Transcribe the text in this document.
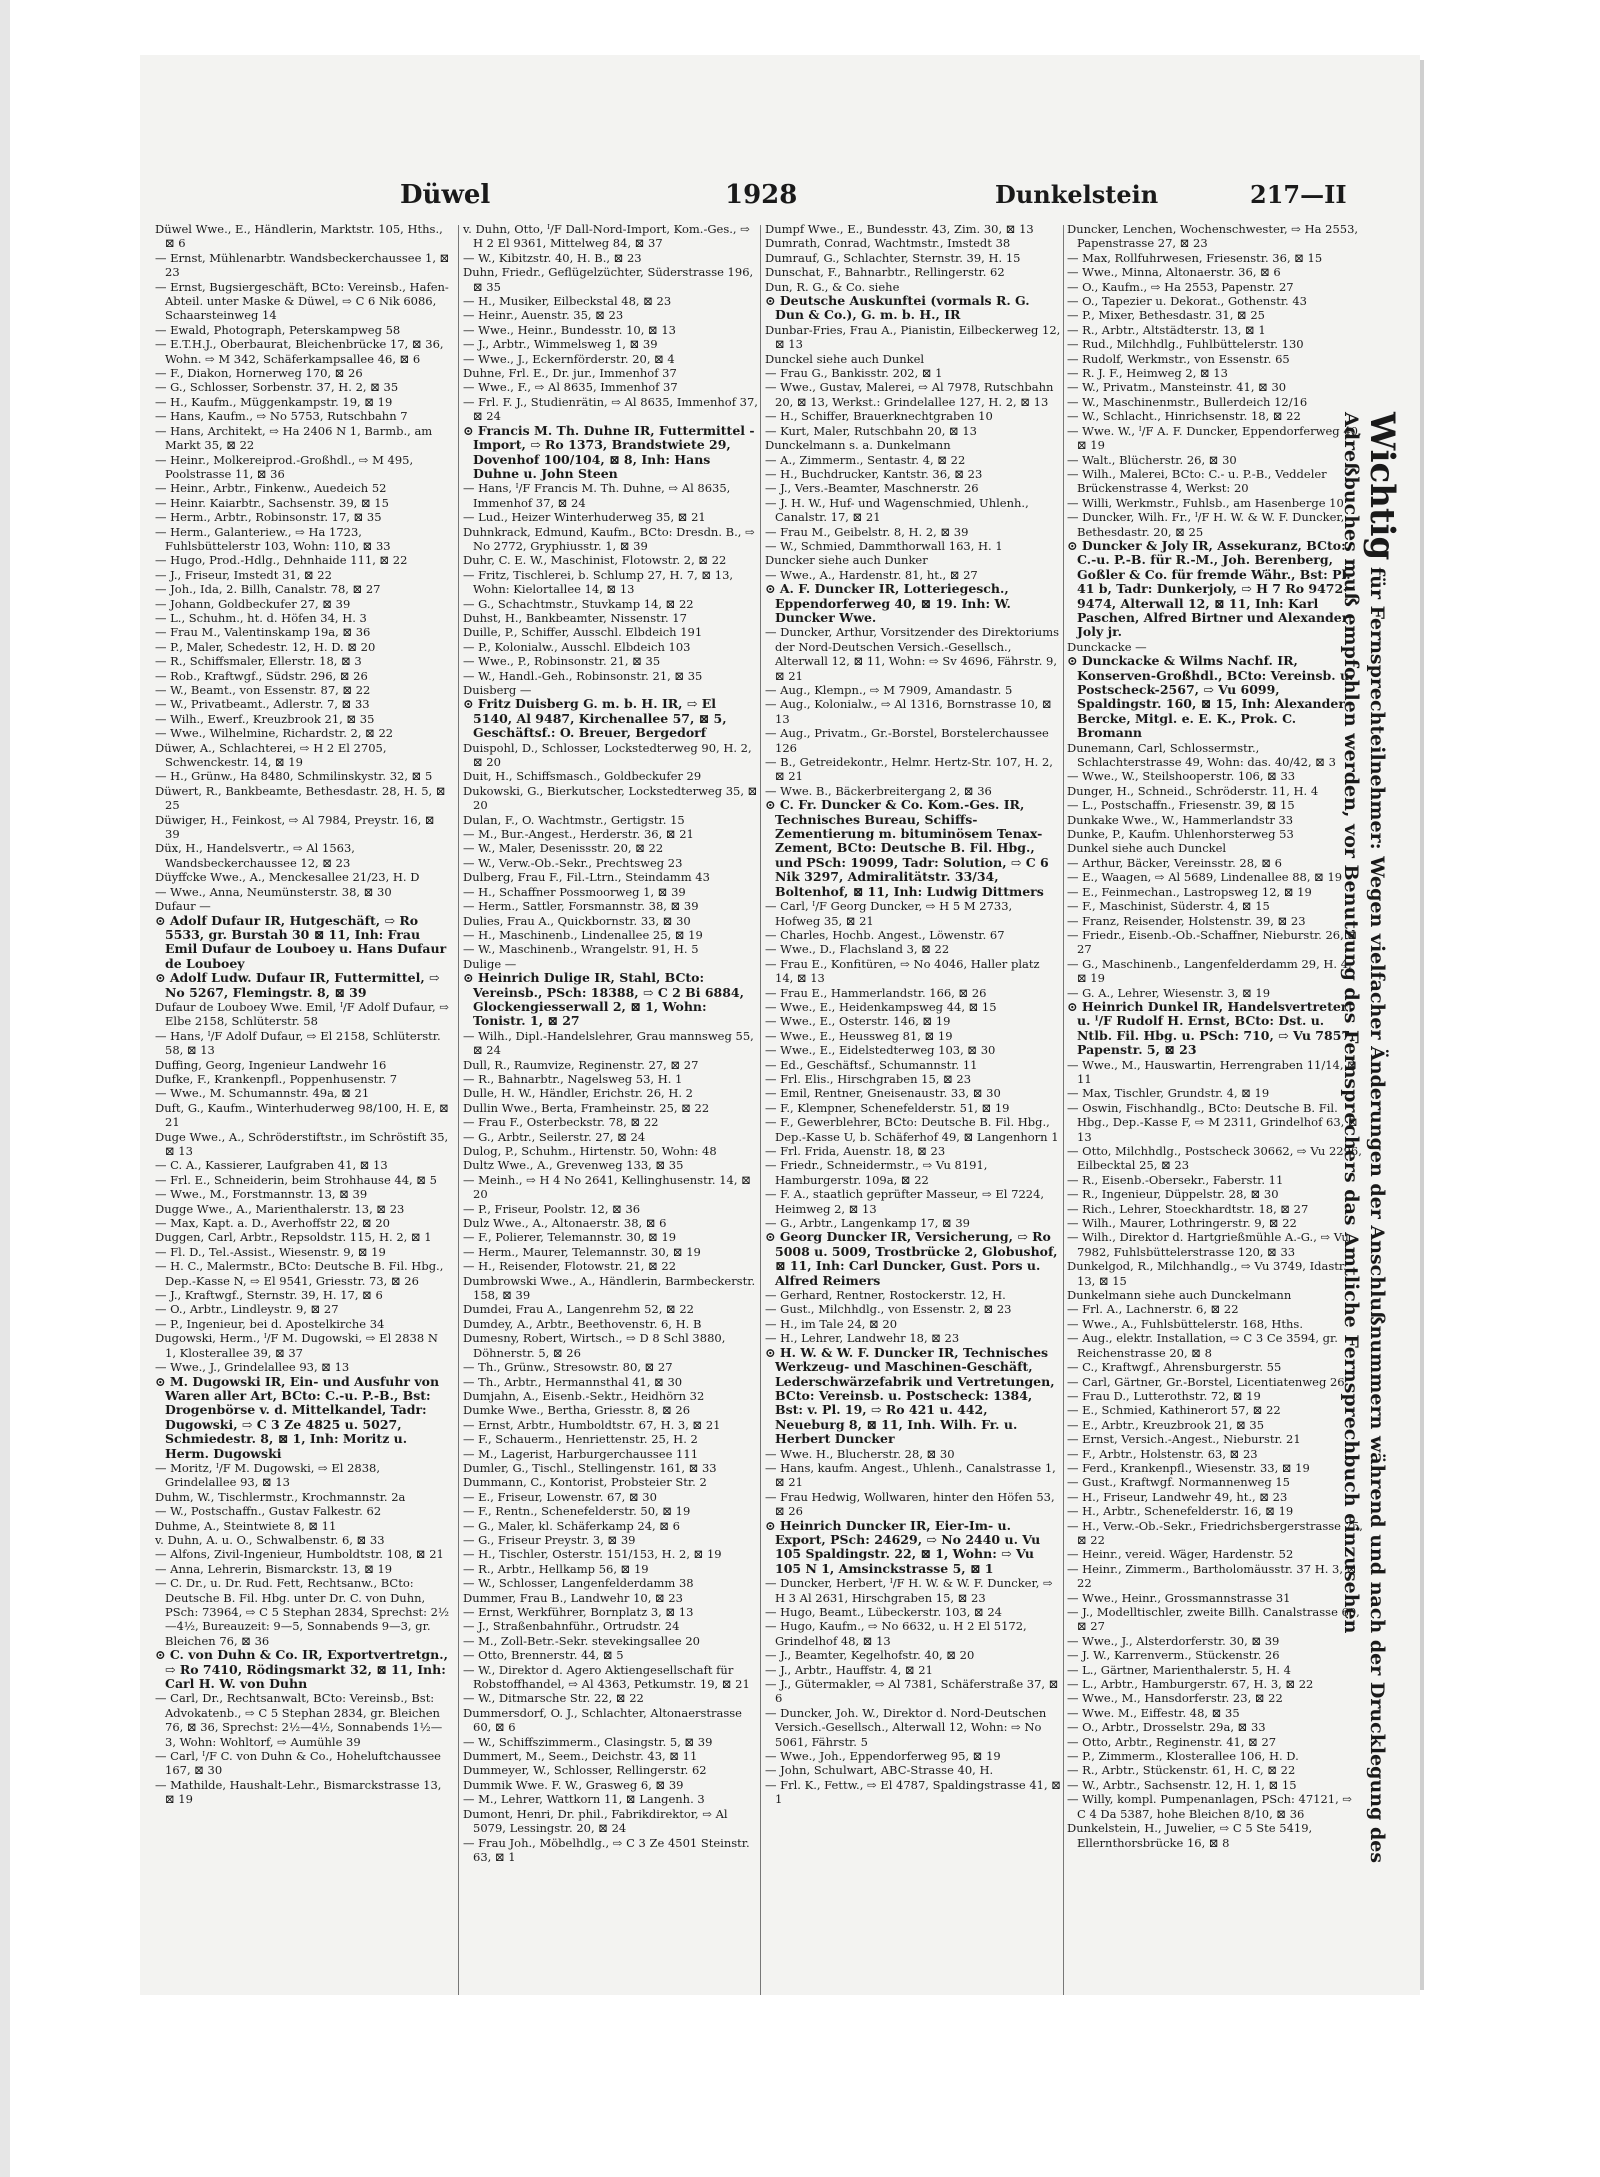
Düwel	1928	Dunkelstein	217—II

Düwel Wwe., E., Händlerin, Marktstr. 105, Hths., ⊠ 6

— Ernst, Mühlenarbtr. Wandsbeckerchaussee 1, ⊠ 23

— Ernst, Bugsiergeschäft, BCto: Vereinsb., Hafen-Abteil. unter Maske & Düwel, ⇨ C 6 Nik 6086, Schaarsteinweg 14

— Ewald, Photograph, Peterskampweg 58

— E.T.H.J., Oberbaurat, Bleichenbrücke 17, ⊠ 36, Wohn. ⇨ M 342, Schäferkampsallee 46, ⊠ 6

— F., Diakon, Hornerweg 170, ⊠ 26

— G., Schlosser, Sorbenstr. 37, H. 2, ⊠ 35

— H., Kaufm., Müggenkampstr. 19, ⊠ 19

— Hans, Kaufm., ⇨ No 5753, Rutschbahn 7

— Hans, Architekt, ⇨ Ha 2406 N 1, Barmb., am Markt 35, ⊠ 22

— Heinr., Molkereiprod.-Großhdl., ⇨ M 495, Poolstrasse 11, ⊠ 36

— Heinr., Arbtr., Finkenw., Auedeich 52

— Heinr. Kaiarbtr., Sachsenstr. 39, ⊠ 15

— Herm., Arbtr., Robinsonstr. 17, ⊠ 35

— Herm., Galanteriew., ⇨ Ha 1723, Fuhlsbüttelerstr 103, Wohn: 110, ⊠ 33

— Hugo, Prod.-Hdlg., Dehnhaide 111, ⊠ 22

— J., Friseur, Imstedt 31, ⊠ 22

— Joh., Ida, 2. Billh, Canalstr. 78, ⊠ 27

— Johann, Goldbeckufer 27, ⊠ 39

— L., Schuhm., ht. d. Höfen 34, H. 3

— Frau M., Valentinskamp 19a, ⊠ 36

— P., Maler, Schedestr. 12, H. D. ⊠ 20

— R., Schiffsmaler, Ellerstr. 18, ⊠ 3

— Rob., Kraftwgf., Südstr. 296, ⊠ 26

— W., Beamt., von Essenstr. 87, ⊠ 22

— W., Privatbeamt., Adlerstr. 7, ⊠ 33

— Wilh., Ewerf., Kreuzbrook 21, ⊠ 35

— Wwe., Wilhelmine, Richardstr. 2, ⊠ 22

Düwer, A., Schlachterei, ⇨ H 2 El 2705, Schwenckestr. 14, ⊠ 19

— H., Grünw., Ha 8480, Schmilinskystr. 32, ⊠ 5

Düwert, R., Bankbeamte, Bethesdastr. 28, H. 5, ⊠ 25

Düwiger, H., Feinkost, ⇨ Al 7984, Preystr. 16, ⊠ 39

Düx, H., Handelsvertr., ⇨ Al 1563, Wandsbeckerchaussee 12, ⊠ 23

Düyffcke Wwe., A., Menckesallee 21/23, H. D

— Wwe., Anna, Neumünsterstr. 38, ⊠ 30

Dufaur —

⊙ Adolf Dufaur IR, Hutgeschäft, ⇨ Ro 5533, gr. Burstah 30 ⊠ 11, Inh: Frau Emil Dufaur de Louboey u. Hans Dufaur de Louboey

⊙ Adolf Ludw. Dufaur IR, Futtermittel, ⇨ No 5267, Flemingstr. 8, ⊠ 39

Dufaur de Louboey Wwe. Emil, ᴵ/F Adolf Dufaur, ⇨ Elbe 2158, Schlüterstr. 58

— Hans, ᴵ/F Adolf Dufaur, ⇨ El 2158, Schlüterstr. 58, ⊠ 13

Duffing, Georg, Ingenieur Landwehr 16

Dufke, F., Krankenpfl., Poppenhusenstr. 7

— Wwe., M. Schumannstr. 49a, ⊠ 21

Duft, G., Kaufm., Winterhuderweg 98/100, H. E, ⊠ 21

Duge Wwe., A., Schröderstiftstr., im Schröstift 35, ⊠ 13

— C. A., Kassierer, Laufgraben 41, ⊠ 13

— Frl. E., Schneiderin, beim Strohhause 44, ⊠ 5

— Wwe., M., Forstmannstr. 13, ⊠ 39

Dugge Wwe., A., Marienthalerstr. 13, ⊠ 23

— Max, Kapt. a. D., Averhoffstr 22, ⊠ 20

Duggen, Carl, Arbtr., Repsoldstr. 115, H. 2, ⊠ 1

— Fl. D., Tel.-Assist., Wiesenstr. 9, ⊠ 19

— H. C., Malermstr., BCto: Deutsche B. Fil. Hbg., Dep.-Kasse N, ⇨ El 9541, Griesstr. 73, ⊠ 26

— J., Kraftwgf., Sternstr. 39, H. 17, ⊠ 6

— O., Arbtr., Lindleystr. 9, ⊠ 27

— P., Ingenieur, bei d. Apostelkirche 34

Dugowski, Herm., ᴵ/F M. Dugowski, ⇨ El 2838 N 1, Klosterallee 39, ⊠ 37

— Wwe., J., Grindelallee 93, ⊠ 13

⊙ M. Dugowski IR, Ein- und Ausfuhr von Waren aller Art, BCto: C.-u. P.-B., Bst: Drogenbörse v. d. Mittelkandel, Tadr: Dugowski, ⇨ C 3 Ze 4825 u. 5027, Schmiedestr. 8, ⊠ 1, Inh: Moritz u. Herm. Dugowski

— Moritz, ᴵ/F M. Dugowski, ⇨ El 2838, Grindelallee 93, ⊠ 13

Duhm, W., Tischlermstr., Krochmannstr. 2a

— W., Postschaffn., Gustav Falkestr. 62

Duhme, A., Steintwiete 8, ⊠ 11

v. Duhn, A. u. O., Schwalbenstr. 6, ⊠ 33

— Alfons, Zivil-Ingenieur, Humboldtstr. 108, ⊠ 21

— Anna, Lehrerin, Bismarckstr. 13, ⊠ 19

— C. Dr., u. Dr. Rud. Fett, Rechtsanw., BCto: Deutsche B. Fil. Hbg. unter Dr. C. von Duhn, PSch: 73964, ⇨ C 5 Stephan 2834, Sprechst: 2½—4½, Bureauzeit: 9—5, Sonnabends 9—3, gr. Bleichen 76, ⊠ 36

⊙ C. von Duhn & Co. IR, Exportvertretgn., ⇨ Ro 7410, Rödingsmarkt 32, ⊠ 11, Inh: Carl H. W. von Duhn

— Carl, Dr., Rechtsanwalt, BCto: Vereinsb., Bst: Advokatenb., ⇨ C 5 Stephan 2834, gr. Bleichen 76, ⊠ 36, Sprechst: 2½—4½, Sonnabends 1½—3, Wohn: Wohltorf, ⇨ Aumühle 39

— Carl, ᴵ/F C. von Duhn & Co., Hoheluftchaussee 167, ⊠ 30

— Mathilde, Haushalt-Lehr., Bismarckstrasse 13, ⊠ 19

v. Duhn, Otto, ᴵ/F Dall-Nord-Import, Kom.-Ges., ⇨ H 2 El 9361, Mittelweg 84, ⊠ 37

— W., Kibitzstr. 40, H. B., ⊠ 23

Duhn, Friedr., Geflügelzüchter, Süderstrasse 196, ⊠ 35

— H., Musiker, Eilbeckstal 48, ⊠ 23

— Heinr., Auenstr. 35, ⊠ 23

— Wwe., Heinr., Bundesstr. 10, ⊠ 13

— J., Arbtr., Wimmelsweg 1, ⊠ 39

— Wwe., J., Eckernförderstr. 20, ⊠ 4

Duhne, Frl. E., Dr. jur., Immenhof 37

— Wwe., F., ⇨ Al 8635, Immenhof 37

— Frl. F. J., Studienrätin, ⇨ Al 8635, Immenhof 37, ⊠ 24

⊙ Francis M. Th. Duhne IR, Futtermittel - Import, ⇨ Ro 1373, Brandstwiete 29, Dovenhof 100/104, ⊠ 8, Inh: Hans Duhne u. John Steen

— Hans, ᴵ/F Francis M. Th. Duhne, ⇨ Al 8635, Immenhof 37, ⊠ 24

— Lud., Heizer Winterhuderweg 35, ⊠ 21

Duhnkrack, Edmund, Kaufm., BCto: Dresdn. B., ⇨ No 2772, Gryphiusstr. 1, ⊠ 39

Duhr, C. E. W., Maschinist, Flotowstr. 2, ⊠ 22

— Fritz, Tischlerei, b. Schlump 27, H. 7, ⊠ 13, Wohn: Kielortallee 14, ⊠ 13

— G., Schachtmstr., Stuvkamp 14, ⊠ 22

Duhst, H., Bankbeamter, Nissenstr. 17

Duille, P., Schiffer, Ausschl. Elbdeich 191

— P., Kolonialw., Ausschl. Elbdeich 103

— Wwe., P., Robinsonstr. 21, ⊠ 35

— W., Handl.-Geh., Robinsonstr. 21, ⊠ 35

Duisberg —

⊙ Fritz Duisberg G. m. b. H. IR, ⇨ El 5140, Al 9487, Kirchenallee 57, ⊠ 5, Geschäftsf.: O. Breuer, Bergedorf

Duispohl, D., Schlosser, Lockstedterweg 90, H. 2, ⊠ 20

Duit, H., Schiffsmasch., Goldbeckufer 29

Dukowski, G., Bierkutscher, Lockstedterweg 35, ⊠ 20

Dulan, F., O. Wachtmstr., Gertigstr. 15

— M., Bur.-Angest., Herderstr. 36, ⊠ 21

— W., Maler, Desenissstr. 20, ⊠ 22

— W., Verw.-Ob.-Sekr., Prechtsweg 23

Dulberg, Frau F., Fil.-Ltrn., Steindamm 43

— H., Schaffner Possmoorweg 1, ⊠ 39

— Herm., Sattler, Forsmannstr. 38, ⊠ 39

Dulies, Frau A., Quickbornstr. 33, ⊠ 30

— H., Maschinenb., Lindenallee 25, ⊠ 19

— W., Maschinenb., Wrangelstr. 91, H. 5

Dulige —

⊙ Heinrich Dulige IR, Stahl, BCto: Vereinsb., PSch: 18388, ⇨ C 2 Bi 6884, Glockengiesserwall 2, ⊠ 1, Wohn: Tonistr. 1, ⊠ 27

— Wilh., Dipl.-Handelslehrer, Grau mannsweg 55, ⊠ 24

Dull, R., Raumvize, Reginenstr. 27, ⊠ 27

— R., Bahnarbtr., Nagelsweg 53, H. 1

Dulle, H. W., Händler, Erichstr. 26, H. 2

Dullin Wwe., Berta, Framheinstr. 25, ⊠ 22

— Frau F., Osterbeckstr. 78, ⊠ 22

— G., Arbtr., Seilerstr. 27, ⊠ 24

Dulog, P., Schuhm., Hirtenstr. 50, Wohn: 48

Dultz Wwe., A., Grevenweg 133, ⊠ 35

— Meinh., ⇨ H 4 No 2641, Kellinghusenstr. 14, ⊠ 20

— P., Friseur, Poolstr. 12, ⊠ 36

Dulz Wwe., A., Altonaerstr. 38, ⊠ 6

— F., Polierer, Telemannstr. 30, ⊠ 19

— Herm., Maurer, Telemannstr. 30, ⊠ 19

— H., Reisender, Flotowstr. 21, ⊠ 22

Dumbrowski Wwe., A., Händlerin, Barmbeckerstr. 158, ⊠ 39

Dumdei, Frau A., Langenrehm 52, ⊠ 22

Dumdey, A., Arbtr., Beethovenstr. 6, H. B

Dumesny, Robert, Wirtsch., ⇨ D 8 Schl 3880, Döhnerstr. 5, ⊠ 26

— Th., Grünw., Stresowstr. 80, ⊠ 27

— Th., Arbtr., Hermannsthal 41, ⊠ 30

Dumjahn, A., Eisenb.-Sektr., Heidhörn 32

Dumke Wwe., Bertha, Griesstr. 8, ⊠ 26

— Ernst, Arbtr., Humboldtstr. 67, H. 3, ⊠ 21

— F., Schauerm., Henriettenstr. 25, H. 2

— M., Lagerist, Harburgerchaussee 111

Dumler, G., Tischl., Stellingenstr. 161, ⊠ 33

Dummann, C., Kontorist, Probsteier Str. 2

— E., Friseur, Lowenstr. 67, ⊠ 30

— F., Rentn., Schenefelderstr. 50, ⊠ 19

— G., Maler, kl. Schäferkamp 24, ⊠ 6

— G., Friseur Preystr. 3, ⊠ 39

— H., Tischler, Osterstr. 151/153, H. 2, ⊠ 19

— R., Arbtr., Hellkamp 56, ⊠ 19

— W., Schlosser, Langenfelderdamm 38

Dummer, Frau B., Landwehr 10, ⊠ 23

— Ernst, Werkführer, Bornplatz 3, ⊠ 13

— J., Straßenbahnführ., Ortrudstr. 24

— M., Zoll-Betr.-Sekr. stevekingsallee 20

— Otto, Brennerstr. 44, ⊠ 5

— W., Direktor d. Agero Aktiengesellschaft für Robstoffhandel, ⇨ Al 4363, Petkumstr. 19, ⊠ 21

— W., Ditmarsche Str. 22, ⊠ 22

Dummersdorf, O. J., Schlachter, Altonaerstrasse 60, ⊠ 6

— W., Schiffszimmerm., Clasingstr. 5, ⊠ 39

Dummert, M., Seem., Deichstr. 43, ⊠ 11

Dummeyer, W., Schlosser, Rellingerstr. 62

Dummik Wwe. F. W., Grasweg 6, ⊠ 39

— M., Lehrer, Wattkorn 11, ⊠ Langenh. 3

Dumont, Henri, Dr. phil., Fabrikdirektor, ⇨ Al 5079, Lessingstr. 20, ⊠ 24

— Frau Joh., Möbelhdlg., ⇨ C 3 Ze 4501 Steinstr. 63, ⊠ 1

Dumpf Wwe., E., Bundesstr. 43, Zim. 30, ⊠ 13

Dumrath, Conrad, Wachtmstr., Imstedt 38

Dumrauf, G., Schlachter, Sternstr. 39, H. 15

Dunschat, F., Bahnarbtr., Rellingerstr. 62

Dun, R. G., & Co. siehe

⊙ Deutsche Auskunftei (vormals R. G. Dun & Co.), G. m. b. H., IR

Dunbar-Fries, Frau A., Pianistin, Eilbeckerweg 12, ⊠ 13

Dunckel siehe auch Dunkel

— Frau G., Bankisstr. 202, ⊠ 1

— Wwe., Gustav, Malerei, ⇨ Al 7978, Rutschbahn 20, ⊠ 13, Werkst.: Grindelallee 127, H. 2, ⊠ 13

— H., Schiffer, Brauerknechtgraben 10

— Kurt, Maler, Rutschbahn 20, ⊠ 13

Dunckelmann s. a. Dunkelmann

— A., Zimmerm., Sentastr. 4, ⊠ 22

— H., Buchdrucker, Kantstr. 36, ⊠ 23

— J., Vers.-Beamter, Maschnerstr. 26

— J. H. W., Huf- und Wagenschmied, Uhlenh., Canalstr. 17, ⊠ 21

— Frau M., Geibelstr. 8, H. 2, ⊠ 39

— W., Schmied, Dammthorwall 163, H. 1

Duncker siehe auch Dunker

— Wwe., A., Hardenstr. 81, ht., ⊠ 27

⊙ A. F. Duncker IR, Lotteriegesch., Eppendorferweg 40, ⊠ 19. Inh: W. Duncker Wwe.

— Duncker, Arthur, Vorsitzender des Direktoriums der Nord-Deutschen Versich.-Gesellsch., Alterwall 12, ⊠ 11, Wohn: ⇨ Sv 4696, Fährstr. 9, ⊠ 21

— Aug., Klempn., ⇨ M 7909, Amandastr. 5

— Aug., Kolonialw., ⇨ Al 1316, Bornstrasse 10, ⊠ 13

— Aug., Privatm., Gr.-Borstel, Borstelerchaussee 126

— B., Getreidekontr., Helmr. Hertz-Str. 107, H. 2, ⊠ 21

— Wwe. B., Bäckerbreitergang 2, ⊠ 36

⊙ C. Fr. Duncker & Co. Kom.-Ges. IR, Technisches Bureau, Schiffs-Zementierung m. bituminösem Tenax-Zement, BCto: Deutsche B. Fil. Hbg., und PSch: 19099, Tadr: Solution, ⇨ C 6 Nik 3297, Admiralitätstr. 33/34, Boltenhof, ⊠ 11, Inh: Ludwig Dittmers

— Carl, ᴵ/F Georg Duncker, ⇨ H 5 M 2733, Hofweg 35, ⊠ 21

— Charles, Hochb. Angest., Löwenstr. 67

— Wwe., D., Flachsland 3, ⊠ 22

— Frau E., Konfitüren, ⇨ No 4046, Haller platz 14, ⊠ 13

— Frau E., Hammerlandstr. 166, ⊠ 26

— Wwe., E., Heidenkampsweg 44, ⊠ 15

— Wwe., E., Osterstr. 146, ⊠ 19

— Wwe., E., Heussweg 81, ⊠ 19

— Wwe., E., Eidelstedterweg 103, ⊠ 30

— Ed., Geschäftsf., Schumannstr. 11

— Frl. Elis., Hirschgraben 15, ⊠ 23

— Emil, Rentner, Gneisenaustr. 33, ⊠ 30

— F., Klempner, Schenefelderstr. 51, ⊠ 19

— F., Gewerblehrer, BCto: Deutsche B. Fil. Hbg., Dep.-Kasse U, b. Schäferhof 49, ⊠ Langenhorn 1

— Frl. Frida, Auenstr. 18, ⊠ 23

— Friedr., Schneidermstr., ⇨ Vu 8191, Hamburgerstr. 109a, ⊠ 22

— F. A., staatlich geprüfter Masseur, ⇨ El 7224, Heimweg 2, ⊠ 13

— G., Arbtr., Langenkamp 17, ⊠ 39

⊙ Georg Duncker IR, Versicherung, ⇨ Ro 5008 u. 5009, Trostbrücke 2, Globushof, ⊠ 11, Inh: Carl Duncker, Gust. Pors u. Alfred Reimers

— Gerhard, Rentner, Rostockerstr. 12, H.

— Gust., Milchhdlg., von Essenstr. 2, ⊠ 23

— H., im Tale 24, ⊠ 20

— H., Lehrer, Landwehr 18, ⊠ 23

⊙ H. W. & W. F. Duncker IR, Technisches Werkzeug- und Maschinen-Geschäft, Lederschwärzefabrik und Vertretungen, BCto: Vereinsb. u. Postscheck: 1384, Bst: v. Pl. 19, ⇨ Ro 421 u. 442, Neueburg 8, ⊠ 11, Inh. Wilh. Fr. u. Herbert Duncker

— Wwe. H., Blucherstr. 28, ⊠ 30

— Hans, kaufm. Angest., Uhlenh., Canalstrasse 1, ⊠ 21

— Frau Hedwig, Wollwaren, hinter den Höfen 53, ⊠ 26

⊙ Heinrich Duncker IR, Eier-Im- u. Export, PSch: 24629, ⇨ No 2440 u. Vu 105 Spaldingstr. 22, ⊠ 1, Wohn: ⇨ Vu 105 N 1, Amsinckstrasse 5, ⊠ 1

— Duncker, Herbert, ᴵ/F H. W. & W. F. Duncker, ⇨ H 3 Al 2631, Hirschgraben 15, ⊠ 23

— Hugo, Beamt., Lübeckerstr. 103, ⊠ 24

— Hugo, Kaufm., ⇨ No 6632, u. H 2 El 5172, Grindelhof 48, ⊠ 13

— J., Beamter, Kegelhofstr. 40, ⊠ 20

— J., Arbtr., Hauffstr. 4, ⊠ 21

— J., Gütermakler, ⇨ Al 7381, Schäferstraße 37, ⊠ 6

— Duncker, Joh. W., Direktor d. Nord-Deutschen Versich.-Gesellsch., Alterwall 12, Wohn: ⇨ No 5061, Fährstr. 5

— Wwe., Joh., Eppendorferweg 95, ⊠ 19

— John, Schulwart, ABC-Strasse 40, H.

— Frl. K., Fettw., ⇨ El 4787, Spaldingstrasse 41, ⊠ 1

Duncker, Lenchen, Wochenschwester, ⇨ Ha 2553, Papenstrasse 27, ⊠ 23

— Max, Rollfuhrwesen, Friesenstr. 36, ⊠ 15

— Wwe., Minna, Altonaerstr. 36, ⊠ 6

— O., Kaufm., ⇨ Ha 2553, Papenstr. 27

— O., Tapezier u. Dekorat., Gothenstr. 43

— P., Mixer, Bethesdastr. 31, ⊠ 25

— R., Arbtr., Altstädterstr. 13, ⊠ 1

— Rud., Milchhdlg., Fuhlbüttelerstr. 130

— Rudolf, Werkmstr., von Essenstr. 65

— R. J. F., Heimweg 2, ⊠ 13

— W., Privatm., Mansteinstr. 41, ⊠ 30

— W., Maschinenmstr., Bullerdeich 12/16

— W., Schlacht., Hinrichsenstr. 18, ⊠ 22

— Wwe. W., ᴵ/F A. F. Duncker, Eppendorferweg 40, ⊠ 19

— Walt., Blücherstr. 26, ⊠ 30

— Wilh., Malerei, BCto: C.- u. P.-B., Veddeler Brückenstrasse 4, Werkst: 20

— Willi, Werkmstr., Fuhlsb., am Hasenberge 10

— Duncker, Wilh. Fr., ᴵ/F H. W. & W. F. Duncker, Bethesdastr. 20, ⊠ 25

⊙ Duncker & Joly IR, Assekuranz, BCto: C.-u. P.-B. für R.-M., Joh. Berenberg, Goßler & Co. für fremde Währ., Bst: Pl. 41 b, Tadr: Dunkerjoly, ⇨ H 7 Ro 9472—9474, Alterwall 12, ⊠ 11, Inh: Karl Paschen, Alfred Birtner und Alexander Joly jr.

Dunckacke —

⊙ Dunckacke & Wilms Nachf. IR, Konserven-Großhdl., BCto: Vereinsb. u. Postscheck-2567, ⇨ Vu 6099, Spaldingstr. 160, ⊠ 15, Inh: Alexander Bercke, Mitgl. e. E. K., Prok. C. Bromann

Dunemann, Carl, Schlossermstr., Schlachterstrasse 49, Wohn: das. 40/42, ⊠ 3

— Wwe., W., Steilshooperstr. 106, ⊠ 33

Dunger, H., Schneid., Schröderstr. 11, H. 4

— L., Postschaffn., Friesenstr. 39, ⊠ 15

Dunkake Wwe., W., Hammerlandstr 33

Dunke, P., Kaufm. Uhlenhorsterweg 53

Dunkel siehe auch Dunckel

— Arthur, Bäcker, Vereinsstr. 28, ⊠ 6

— E., Waagen, ⇨ Al 5689, Lindenallee 88, ⊠ 19

— E., Feinmechan., Lastropsweg 12, ⊠ 19

— F., Maschinist, Süderstr. 4, ⊠ 15

— Franz, Reisender, Holstenstr. 39, ⊠ 23

— Friedr., Eisenb.-Ob.-Schaffner, Nieburstr. 26, ⊠ 27

— G., Maschinenb., Langenfelderdamm 29, H. 4, ⊠ 19

— G. A., Lehrer, Wiesenstr. 3, ⊠ 19

⊙ Heinrich Dunkel IR, Handelsvertreter u. ᴵ/F Rudolf H. Ernst, BCto: Dst. u. Ntlb. Fil. Hbg. u. PSch: 710, ⇨ Vu 7857, Papenstr. 5, ⊠ 23

— Wwe., M., Hauswartin, Herrengraben 11/14, ⊠ 11

— Max, Tischler, Grundstr. 4, ⊠ 19

— Oswin, Fischhandlg., BCto: Deutsche B. Fil. Hbg., Dep.-Kasse F, ⇨ M 2311, Grindelhof 63, ⊠ 13

— Otto, Milchhdlg., Postscheck 30662, ⇨ Vu 2296, Eilbecktal 25, ⊠ 23

— R., Eisenb.-Obersekr., Faberstr. 11

— R., Ingenieur, Düppelstr. 28, ⊠ 30

— Rich., Lehrer, Stoeckhardtstr. 18, ⊠ 27

— Wilh., Maurer, Lothringerstr. 9, ⊠ 22

— Wilh., Direktor d. Hartgrießmühle A.-G., ⇨ Vu 7982, Fuhlsbüttelerstrasse 120, ⊠ 33

Dunkelgod, R., Milchhandlg., ⇨ Vu 3749, Idastr. 13, ⊠ 15

Dunkelmann siehe auch Dunckelmann

— Frl. A., Lachnerstr. 6, ⊠ 22

— Wwe., A., Fuhlsbüttelerstr. 168, Hths.

— Aug., elektr. Installation, ⇨ C 3 Ce 3594, gr. Reichenstrasse 20, ⊠ 8

— C., Kraftwgf., Ahrensburgerstr. 55

— Carl, Gärtner, Gr.-Borstel, Licentiatenweg 26

— Frau D., Lutterothstr. 72, ⊠ 19

— E., Schmied, Kathinerort 57, ⊠ 22

— E., Arbtr., Kreuzbrook 21, ⊠ 35

— Ernst, Versich.-Angest., Nieburstr. 21

— F., Arbtr., Holstenstr. 63, ⊠ 23

— Ferd., Krankenpfl., Wiesenstr. 33, ⊠ 19

— Gust., Kraftwgf. Normannenweg 15

— H., Friseur, Landwehr 49, ht., ⊠ 23

— H., Arbtr., Schenefelderstr. 16, ⊠ 19

— H., Verw.-Ob.-Sekr., Friedrichsbergerstrasse 75, ⊠ 22

— Heinr., vereid. Wäger, Hardenstr. 52

— Heinr., Zimmerm., Bartholomäusstr. 37 H. 3, ⊠ 22

— Wwe., Heinr., Grossmannstrasse 31

— J., Modelltischler, zweite Billh. Canalstrasse 60, ⊠ 27

— Wwe., J., Alsterdorferstr. 30, ⊠ 39

— J. W., Karrenverm., Stückenstr. 26

— L., Gärtner, Marienthalerstr. 5, H. 4

— L., Arbtr., Hamburgerstr. 67, H. 3, ⊠ 22

— Wwe., M., Hansdorferstr. 23, ⊠ 22

— Wwe. M., Eiffestr. 48, ⊠ 35

— O., Arbtr., Drosselstr. 29a, ⊠ 33

— Otto, Arbtr., Reginenstr. 41, ⊠ 27

— P., Zimmerm., Klosterallee 106, H. D.

— R., Arbtr., Stückenstr. 61, H. C, ⊠ 22

— W., Arbtr., Sachsenstr. 12, H. 1, ⊠ 15

— Willy, kompl. Pumpenanlagen, PSch: 47121, ⇨ C 4 Da 5387, hohe Bleichen 8/10, ⊠ 36

Dunkelstein, H., Juwelier, ⇨ C 5 Ste 5419, Ellernthorsbrücke 16, ⊠ 8

Wichtig für Fernsprechteilnehmer: Wegen vielfacher Änderungen der Anschlußnummern während und nach der Drucklegung des Adreßbuches muß empfohlen werden, vor Benutzung des Fernsprechers das Amtliche Fernsprechbuch einzusehen
